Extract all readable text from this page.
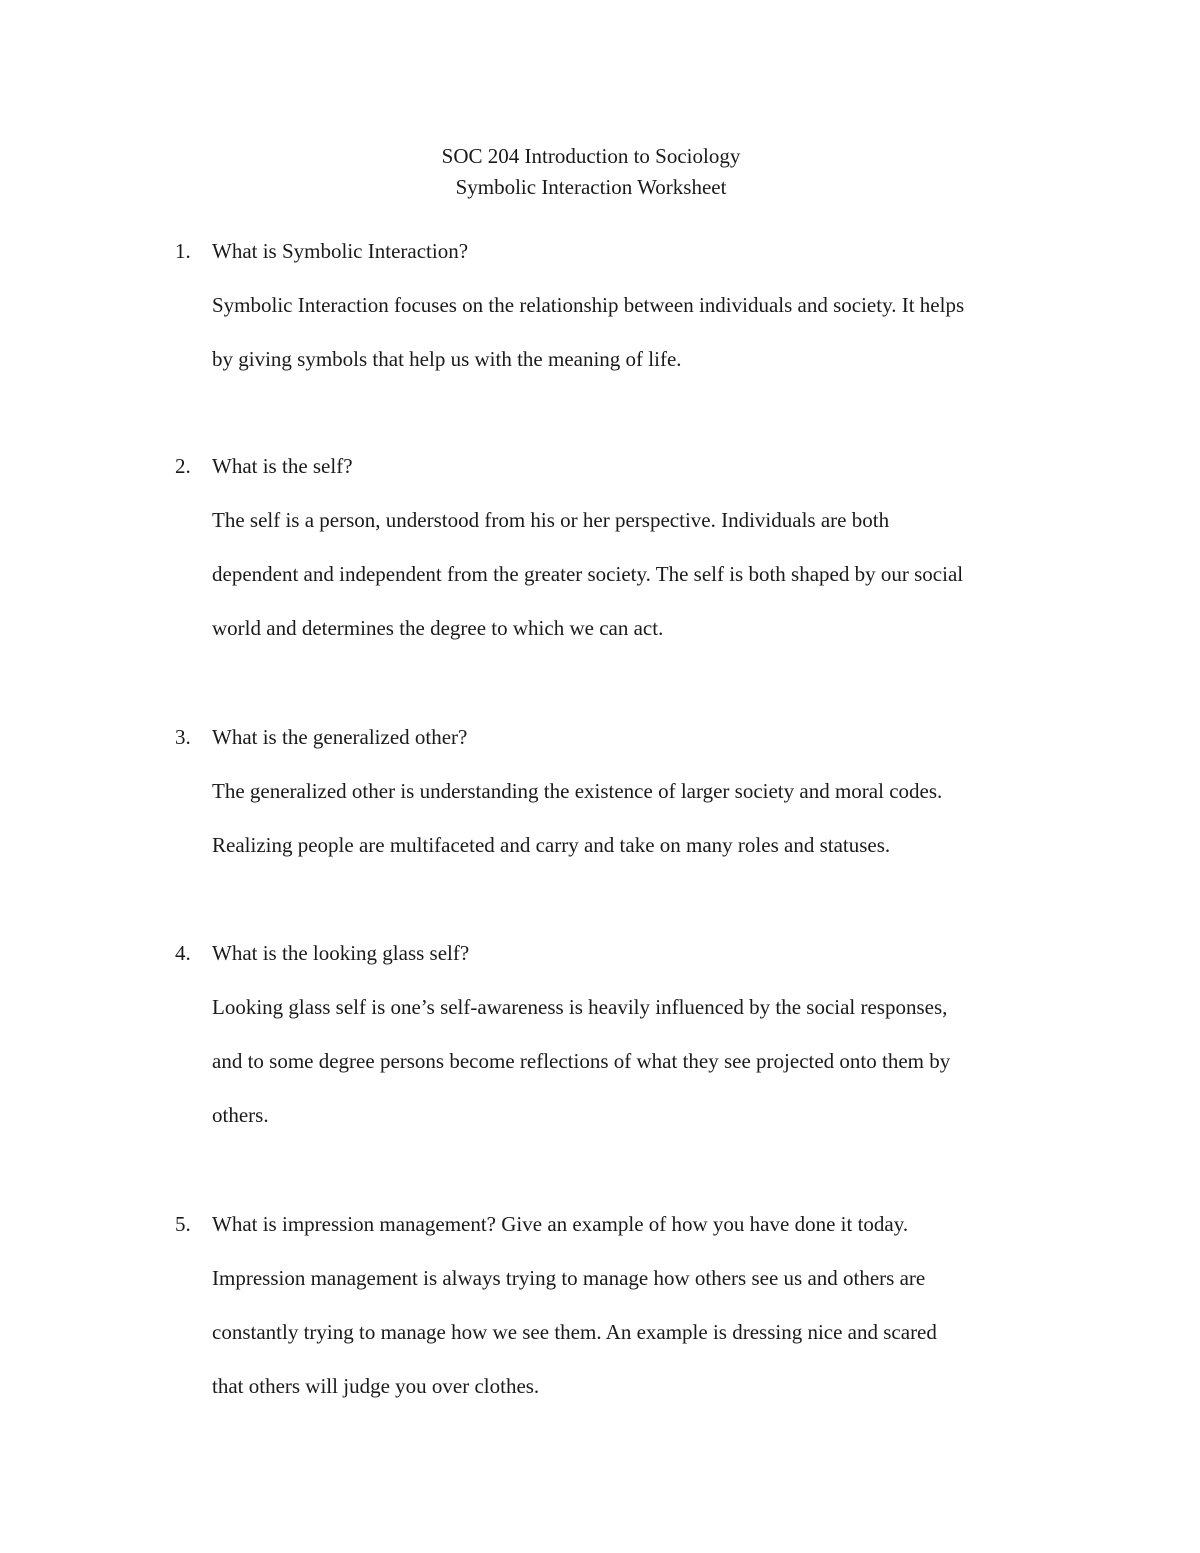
SOC 204 Introduction to Sociology
Symbolic Interaction Worksheet
1. What is Symbolic Interaction?
Symbolic Interaction focuses on the relationship between individuals and society. It helps
by giving symbols that help us with the meaning of life.
2. What is the self?
The self is a person, understood from his or her perspective. Individuals are both
dependent and independent from the greater society. The self is both shaped by our social
world and determines the degree to which we can act.
3. What is the generalized other?
The generalized other is understanding the existence of larger society and moral codes.
Realizing people are multifaceted and carry and take on many roles and statuses.
4. What is the looking glass self?
Looking glass self is one’s self-awareness is heavily influenced by the social responses,
and to some degree persons become reflections of what they see projected onto them by
others.
5. What is impression management? Give an example of how you have done it today.
Impression management is always trying to manage how others see us and others are
constantly trying to manage how we see them. An example is dressing nice and scared
that others will judge you over clothes.
